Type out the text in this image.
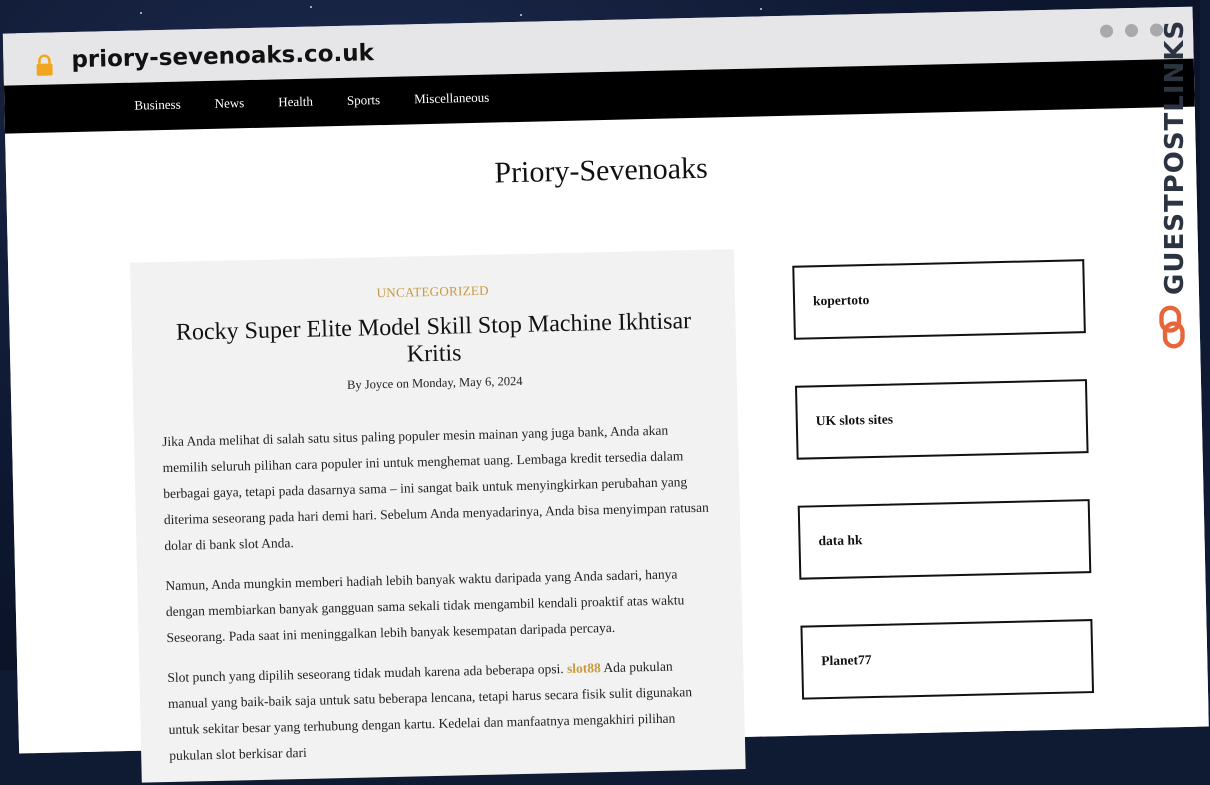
priory-sevenoaks.co.uk
Business	News	Health	Sports	Miscellaneous
Priory-Sevenoaks
UNCATEGORIZED
Rocky Super Elite Model Skill Stop Machine Ikhtisar Kritis
By Joyce on Monday, May 6, 2024

Jika Anda melihat di salah satu situs paling populer mesin mainan yang juga bank, Anda akan memilih seluruh pilihan cara populer ini untuk menghemat uang. Lembaga kredit tersedia dalam berbagai gaya, tetapi pada dasarnya sama – ini sangat baik untuk menyingkirkan perubahan yang diterima seseorang pada hari demi hari. Sebelum Anda menyadarinya, Anda bisa menyimpan ratusan dolar di bank slot Anda.

Namun, Anda mungkin memberi hadiah lebih banyak waktu daripada yang Anda sadari, hanya dengan membiarkan banyak gangguan sama sekali tidak mengambil kendali proaktif atas waktu Seseorang. Pada saat ini meninggalkan lebih banyak kesempatan daripada percaya.

Slot punch yang dipilih seseorang tidak mudah karena ada beberapa opsi. slot88 Ada pukulan manual yang baik-baik saja untuk satu beberapa lencana, tetapi harus secara fisik sulit digunakan untuk sekitar besar yang terhubung dengan kartu. Kedelai dan manfaatnya mengakhiri pilihan pukulan slot berkisar dari

kopertoto
UK slots sites
data hk
Planet77
GUESTPOSTLINKS
